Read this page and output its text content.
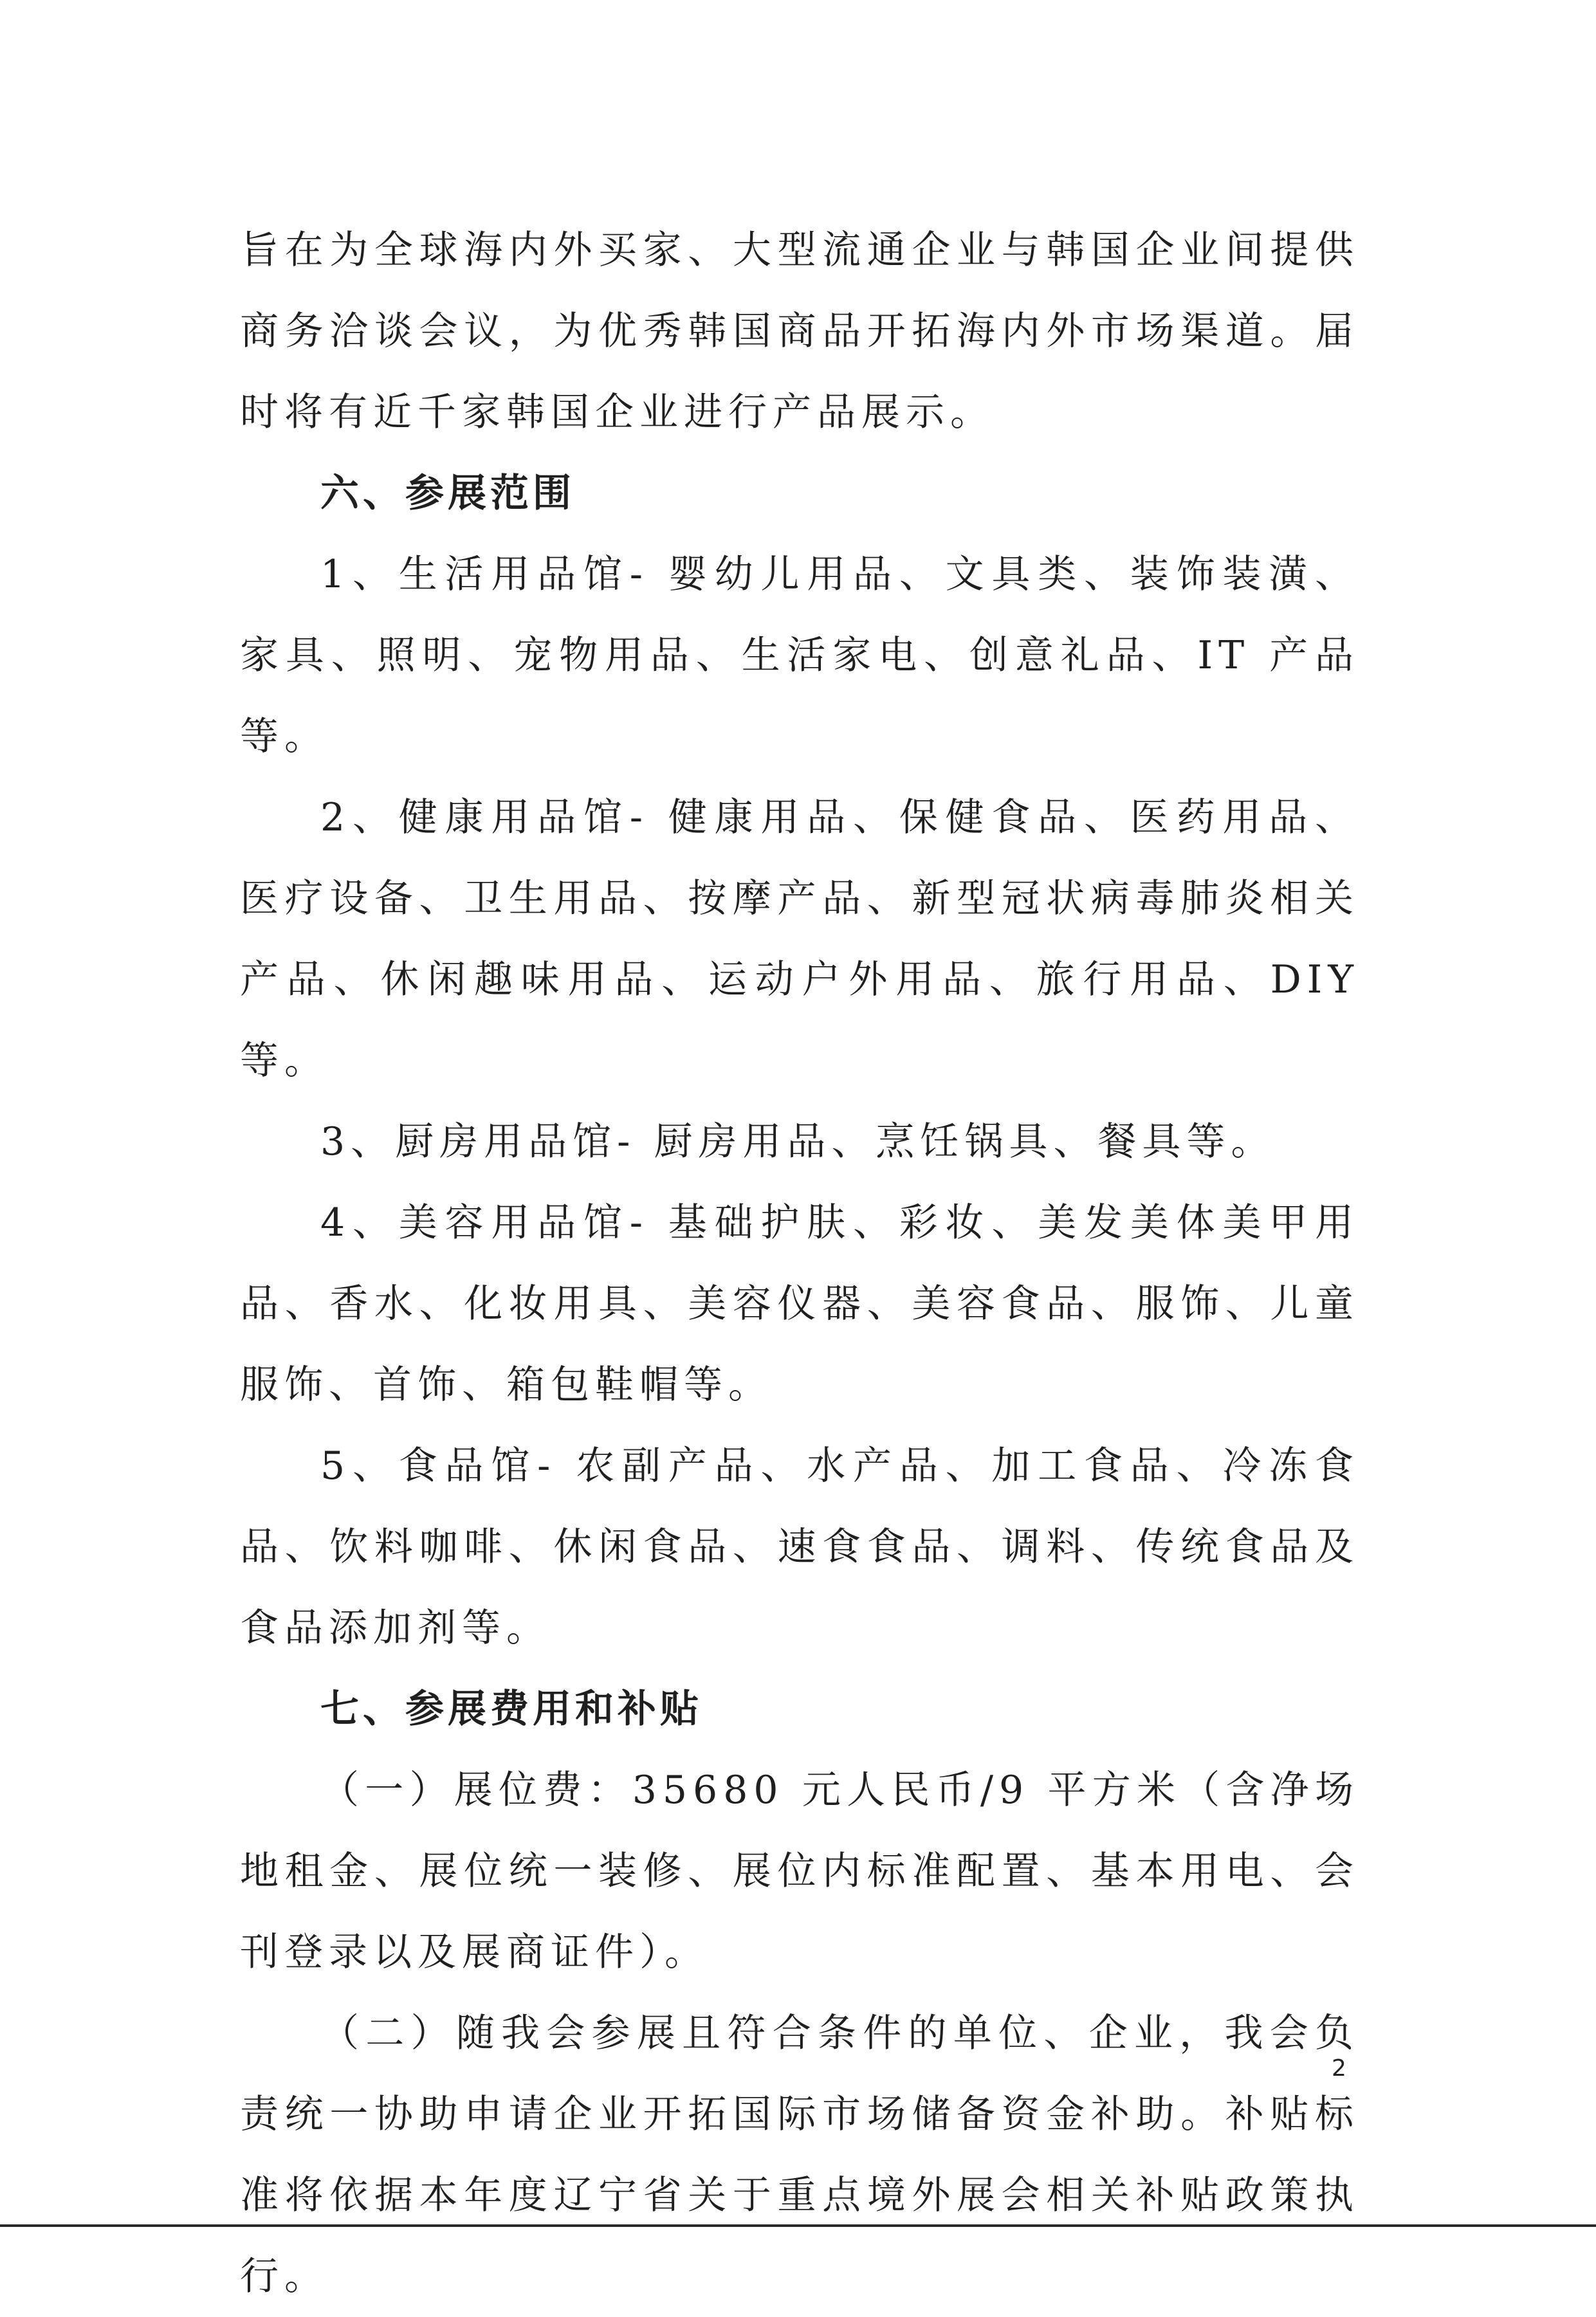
旨在为全球海内外买家、大型流通企业与韩国企业间提供商务洽谈会议，为优秀韩国商品开拓海内外市场渠道。届时将有近千家韩国企业进行产品展示。

六、参展范围

1、生活用品馆- 婴幼儿用品、文具类、装饰装潢、家具、照明、宠物用品、生活家电、创意礼品、IT 产品等。

2、健康用品馆- 健康用品、保健食品、医药用品、医疗设备、卫生用品、按摩产品、新型冠状病毒肺炎相关产品、休闲趣味用品、运动户外用品、旅行用品、DIY 等。

3、厨房用品馆- 厨房用品、烹饪锅具、餐具等。

4、美容用品馆- 基础护肤、彩妆、美发美体美甲用品、香水、化妆用具、美容仪器、美容食品、服饰、儿童服饰、首饰、箱包鞋帽等。

5、食品馆- 农副产品、水产品、加工食品、冷冻食品、饮料咖啡、休闲食品、速食食品、调料、传统食品及食品添加剂等。

七、参展费用和补贴

（一）展位费：35680 元人民币/9 平方米（含净场地租金、展位统一装修、展位内标准配置、基本用电、会刊登录以及展商证件）。

（二）随我会参展且符合条件的单位、企业，我会负责统一协助申请企业开拓国际市场储备资金补助。补贴标准将依据本年度辽宁省关于重点境外展会相关补贴政策执行。

2
